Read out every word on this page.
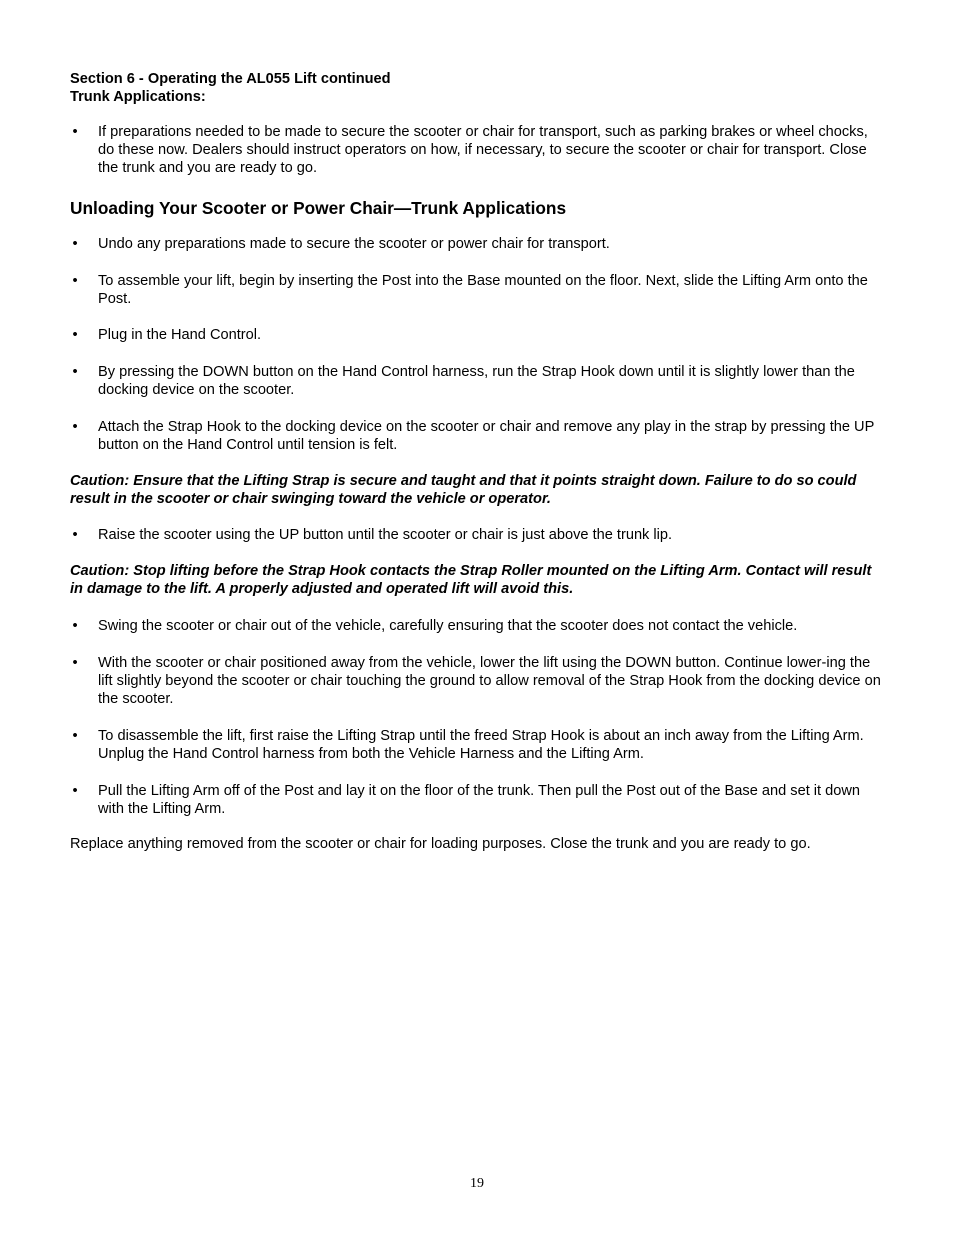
Section 6 - Operating the AL055 Lift continued

Trunk Applications:

• If preparations needed to be made to secure the scooter or chair for transport, such as parking brakes or wheel chocks, do these now. Dealers should instruct operators on how, if necessary, to secure the scooter or chair for transport. Close the trunk and you are ready to go.

Unloading Your Scooter or Power Chair—Trunk Applications

• Undo any preparations made to secure the scooter or power chair for transport.
• To assemble your lift, begin by inserting the Post into the Base mounted on the floor. Next, slide the Lifting Arm onto the Post.
• Plug in the Hand Control.
• By pressing the DOWN button on the Hand Control harness, run the Strap Hook down until it is slightly lower than the docking device on the scooter.
• Attach the Strap Hook to the docking device on the scooter or chair and remove any play in the strap by pressing the UP button on the Hand Control until tension is felt.

Caution: Ensure that the Lifting Strap is secure and taught and that it points straight down. Failure to do so could result in the scooter or chair swinging toward the vehicle or operator.

• Raise the scooter using the UP button until the scooter or chair is just above the trunk lip.

Caution: Stop lifting before the Strap Hook contacts the Strap Roller mounted on the Lifting Arm. Contact will result in damage to the lift. A properly adjusted and operated lift will avoid this.

• Swing the scooter or chair out of the vehicle, carefully ensuring that the scooter does not contact the vehicle.
• With the scooter or chair positioned away from the vehicle, lower the lift using the DOWN button. Continue lower-ing the lift slightly beyond the scooter or chair touching the ground to allow removal of the Strap Hook from the docking device on the scooter.
• To disassemble the lift, first raise the Lifting Strap until the freed Strap Hook is about an inch away from the Lifting Arm. Unplug the Hand Control harness from both the Vehicle Harness and the Lifting Arm.
• Pull the Lifting Arm off of the Post and lay it on the floor of the trunk. Then pull the Post out of the Base and set it down with the Lifting Arm.

Replace anything removed from the scooter or chair for loading purposes. Close the trunk and you are ready to go.

19
